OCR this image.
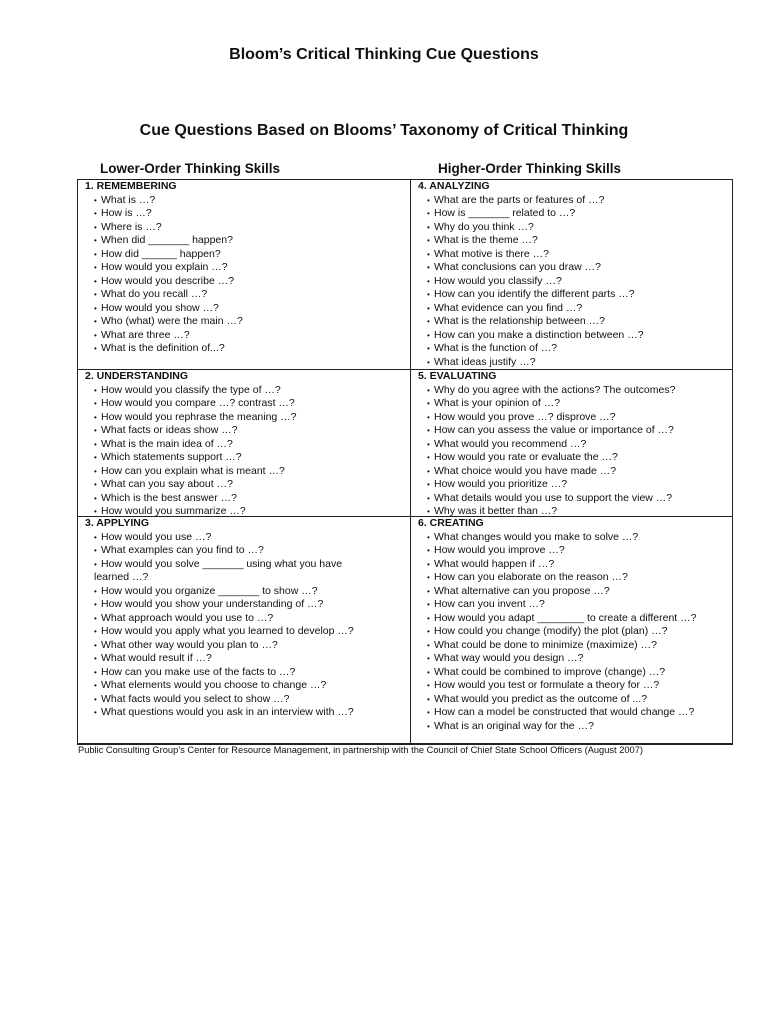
Bloom’s Critical Thinking Cue Questions
Cue Questions Based on Blooms’ Taxonomy of Critical Thinking
Lower-Order Thinking Skills	Higher-Order Thinking Skills
1. REMEMBERING
• What is …?
• How is …?
• Where is …?
• When did _______ happen?
• How did ______ happen?
• How would you explain …?
• How would you describe …?
• What do you recall …?
• How would you show …?
• Who (what) were the main …?
• What are three …?
• What is the definition of...?
4. ANALYZING
• What are the parts or features of …?
• How is _______ related to …?
• Why do you think …?
• What is the theme …?
• What motive is there …?
• What conclusions can you draw …?
• How would you classify …?
• How can you identify the different parts …?
• What evidence can you find …?
• What is the relationship between …?
• How can you make a distinction between …?
• What is the function of …?
• What ideas justify …?
2. UNDERSTANDING
• How would you classify the type of …?
• How would you compare …? contrast …?
• How would you rephrase the meaning …?
• What facts or ideas show …?
• What is the main idea of …?
• Which statements support …?
• How can you explain what is meant …?
• What can you say about …?
• Which is the best answer …?
• How would you summarize …?
5. EVALUATING
• Why do you agree with the actions? The outcomes?
• What is your opinion of …?
• How would you prove …? disprove …?
• How can you assess the value or importance of …?
• What would you recommend …?
• How would you rate or evaluate the …?
• What choice would you have made …?
• How would you prioritize …?
• What details would you use to support the view …?
• Why was it better than …?
3. APPLYING
• How would you use …?
• What examples can you find to …?
• How would you solve _______ using what you have
learned …?
• How would you organize _______ to show …?
• How would you show your understanding of …?
• What approach would you use to …?
• How would you apply what you learned to develop …?
• What other way would you plan to …?
• What would result if …?
• How can you make use of the facts to …?
• What elements would you choose to change …?
• What facts would you select to show …?
• What questions would you ask in an interview with …?
6. CREATING
• What changes would you make to solve …?
• How would you improve …?
• What would happen if …?
• How can you elaborate on the reason …?
• What alternative can you propose …?
• How can you invent …?
• How would you adapt ________ to create a different …?
• How could you change (modify) the plot (plan) …?
• What could be done to minimize (maximize) …?
• What way would you design …?
• What could be combined to improve (change) …?
• How would you test or formulate a theory for …?
• What would you predict as the outcome of ...?
• How can a model be constructed that would change …?
• What is an original way for the …?
Public Consulting Group’s Center for Resource Management, in partnership with the Council of Chief State School Officers (August 2007)
